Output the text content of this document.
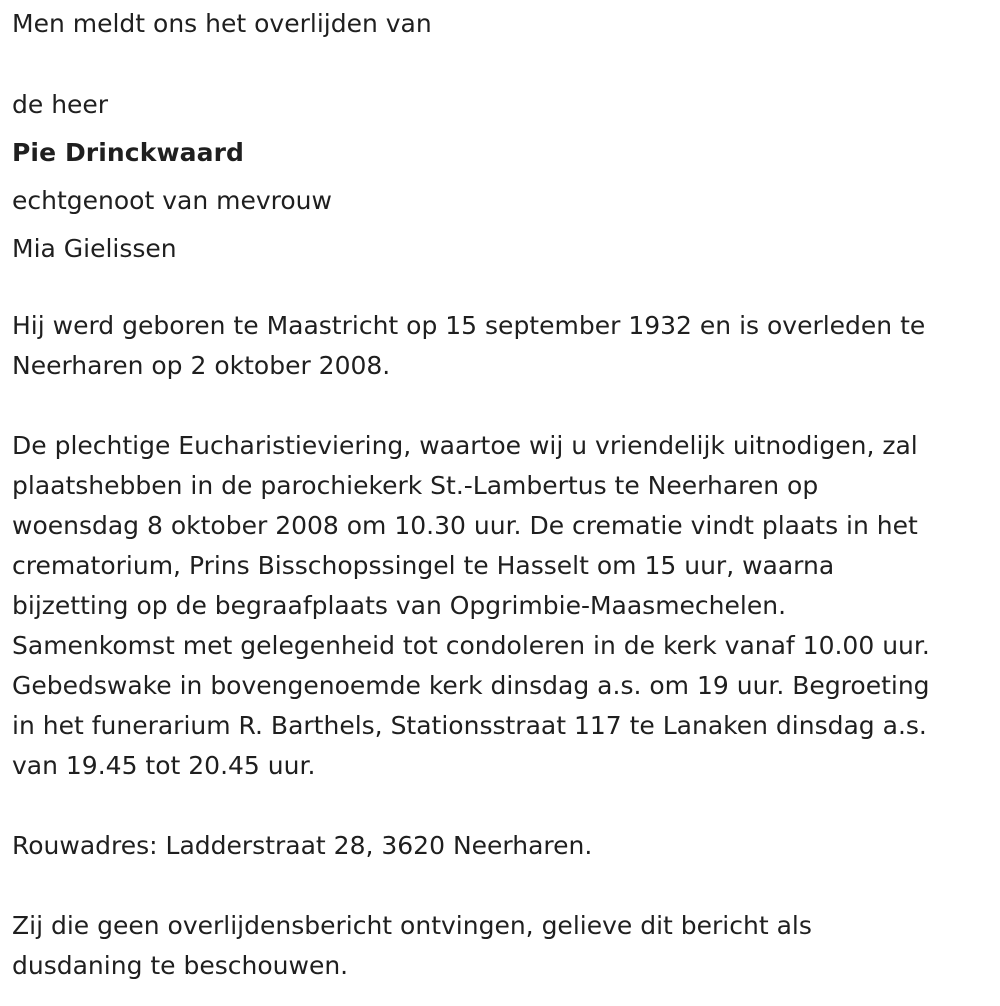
Men meldt ons het overlijden van

de heer

Pie Drinckwaard

echtgenoot van mevrouw

Mia Gielissen

Hij werd geboren te Maastricht op 15 september 1932 en is overleden te

Neerharen op 2 oktober 2008.

De plechtige Eucharistieviering, waartoe wij u vriendelijk uitnodigen, zal

plaatshebben in de parochiekerk St.-Lambertus te Neerharen op

woensdag 8 oktober 2008 om 10.30 uur. De crematie vindt plaats in het

crematorium, Prins Bisschopssingel te Hasselt om 15 uur, waarna

bijzetting op de begraafplaats van Opgrimbie-Maasmechelen.

Samenkomst met gelegenheid tot condoleren in de kerk vanaf 10.00 uur.

Gebedswake in bovengenoemde kerk dinsdag a.s. om 19 uur. Begroeting

in het funerarium R. Barthels, Stationsstraat 117 te Lanaken dinsdag a.s.

van 19.45 tot 20.45 uur.

Rouwadres: Ladderstraat 28, 3620 Neerharen.

Zij die geen overlijdensbericht ontvingen, gelieve dit bericht als

dusdaning te beschouwen.
